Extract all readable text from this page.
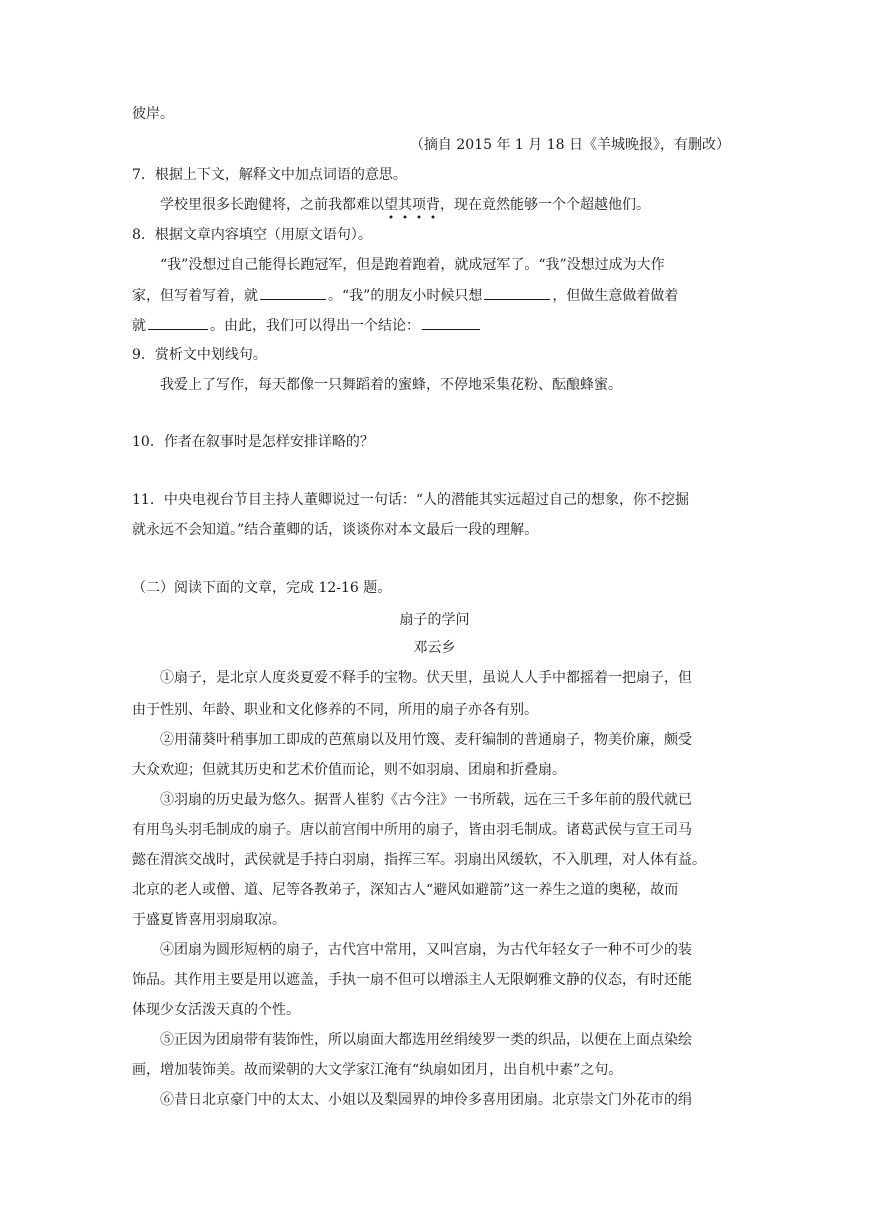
彼岸。
（摘自 2015 年 1 月 18 日《羊城晚报》，有删改）
7．根据上下文，解释文中加点词语的意思。
学校里很多长跑健将，之前我都难以望其项背，现在竟然能够一个个超越他们。
8．根据文章内容填空（用原文语句）。
“我”没想过自己能得长跑冠军，但是跑着跑着，就成冠军了。“我”没想过成为大作
家，但写着写着，就	。“我”的朋友小时候只想	，但做生意做着做着
就	。由此，我们可以得出一个结论：
9．赏析文中划线句。
我爱上了写作，每天都像一只舞蹈着的蜜蜂，不停地采集花粉、酝酿蜂蜜。
10．作者在叙事时是怎样安排详略的？
11．中央电视台节目主持人董卿说过一句话：“人的潜能其实远超过自己的想象，你不挖掘
就永远不会知道。”结合董卿的话，谈谈你对本文最后一段的理解。
（二）阅读下面的文章，完成 12-16 题。
扇子的学问
邓云乡
①扇子，是北京人度炎夏爱不释手的宝物。伏天里，虽说人人手中都摇着一把扇子，但
由于性别、年龄、职业和文化修养的不同，所用的扇子亦各有别。
②用蒲葵叶稍事加工即成的芭蕉扇以及用竹篾、麦秆编制的普通扇子，物美价廉，颇受
大众欢迎；但就其历史和艺术价值而论，则不如羽扇、团扇和折叠扇。
③羽扇的历史最为悠久。据晋人崔豹《古今注》一书所载，远在三千多年前的殷代就已
有用鸟头羽毛制成的扇子。唐以前宫闱中所用的扇子，皆由羽毛制成。诸葛武侯与宣王司马
懿在渭滨交战时，武侯就是手持白羽扇，指挥三军。羽扇出风缓软，不入肌理，对人体有益。
北京的老人或僧、道、尼等各教弟子，深知古人“避风如避箭”这一养生之道的奥秘，故而
于盛夏皆喜用羽扇取凉。
④团扇为圆形短柄的扇子，古代宫中常用，又叫宫扇，为古代年轻女子一种不可少的装
饰品。其作用主要是用以遮盖，手执一扇不但可以增添主人无限婀雅文静的仪态，有时还能
体现少女活泼天真的个性。
⑤正因为团扇带有装饰性，所以扇面大都选用丝绢绫罗一类的织品，以便在上面点染绘
画，增加装饰美。故而梁朝的大文学家江淹有“纨扇如团月，出自机中素”之句。
⑥昔日北京豪门中的太太、小姐以及梨园界的坤伶多喜用团扇。北京崇文门外花市的绢
